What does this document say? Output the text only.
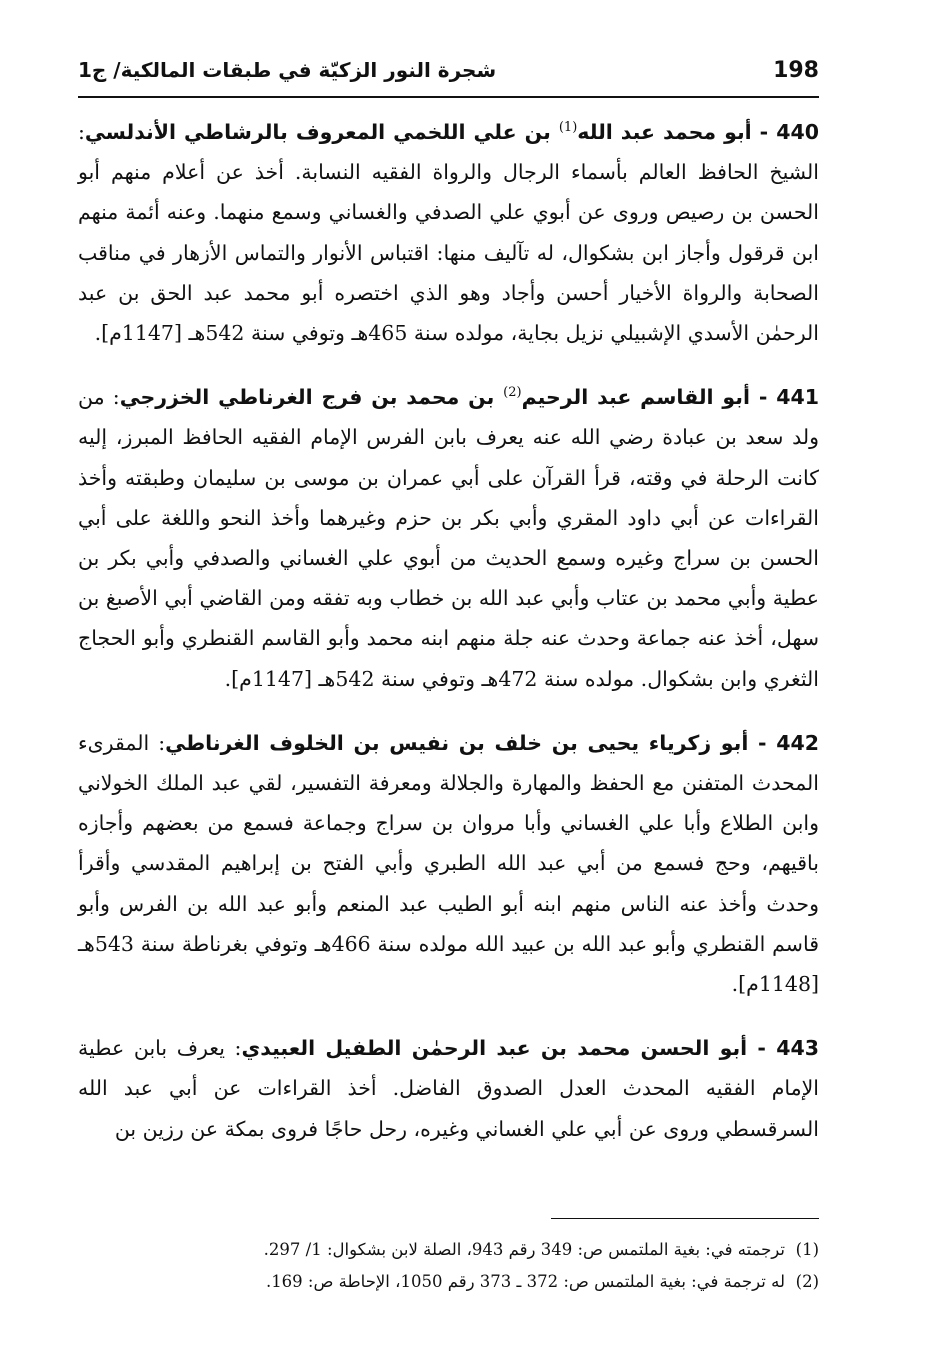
198
شجرة النور الزكيّة في طبقات المالكية/ ج1

440 - أبو محمد عبد الله$^{(1)}$ بن علي اللخمي المعروف بالرشاطي الأندلسي: الشيخ الحافظ العالم بأسماء الرجال والرواة الفقيه النسابة. أخذ عن أعلام منهم أبو الحسن بن رصيص وروى عن أبوي علي الصدفي والغساني وسمع منهما. وعنه أئمة منهم ابن قرقول وأجاز ابن بشكوال، له تآليف منها: اقتباس الأنوار والتماس الأزهار في مناقب الصحابة والرواة الأخيار أحسن وأجاد وهو الذي اختصره أبو محمد عبد الحق بن عبد الرحمٰن الأسدي الإشبيلي نزيل بجاية، مولده سنة 465هـ وتوفي سنة 542هـ [1147م].

441 - أبو القاسم عبد الرحيم$^{(2)}$ بن محمد بن فرج الغرناطي الخزرجي: من ولد سعد بن عبادة رضي الله عنه يعرف بابن الفرس الإمام الفقيه الحافظ المبرز، إليه كانت الرحلة في وقته، قرأ القرآن على أبي عمران بن موسى بن سليمان وطبقته وأخذ القراءات عن أبي داود المقري وأبي بكر بن حزم وغيرهما وأخذ النحو واللغة على أبي الحسن بن سراج وغيره وسمع الحديث من أبوي علي الغساني والصدفي وأبي بكر بن عطية وأبي محمد بن عتاب وأبي عبد الله بن خطاب وبه تفقه ومن القاضي أبي الأصبغ بن سهل، أخذ عنه جماعة وحدث عنه جلة منهم ابنه محمد وأبو القاسم القنطري وأبو الحجاج الثغري وابن بشكوال. مولده سنة 472هـ وتوفي سنة 542هـ [1147م].

442 - أبو زكرياء يحيى بن خلف بن نفيس بن الخلوف الغرناطي: المقرىء المحدث المتفنن مع الحفظ والمهارة والجلالة ومعرفة التفسير، لقي عبد الملك الخولاني وابن الطلاع وأبا علي الغساني وأبا مروان بن سراج وجماعة فسمع من بعضهم وأجازه باقيهم، وحج فسمع من أبي عبد الله الطبري وأبي الفتح بن إبراهيم المقدسي وأقرأ وحدث وأخذ عنه الناس منهم ابنه أبو الطيب عبد المنعم وأبو عبد الله بن الفرس وأبو قاسم القنطري وأبو عبد الله بن عبيد الله مولده سنة 466هـ وتوفي بغرناطة سنة 543هـ [1148م].

443 - أبو الحسن محمد بن عبد الرحمٰن الطفيل العبيدي: يعرف بابن عطية الإمام الفقيه المحدث العدل الصدوق الفاضل. أخذ القراءات عن أبي عبد الله السرقسطي وروى عن أبي علي الغساني وغيره، رحل حاجًا فروى بمكة عن رزين بن

(1)
ترجمته في: بغية الملتمس ص: 349 رقم 943، الصلة لابن بشكوال: 1/ 297.
(2)
له ترجمة في: بغية الملتمس ص: 372 ـ 373 رقم 1050، الإحاطة ص: 169.
